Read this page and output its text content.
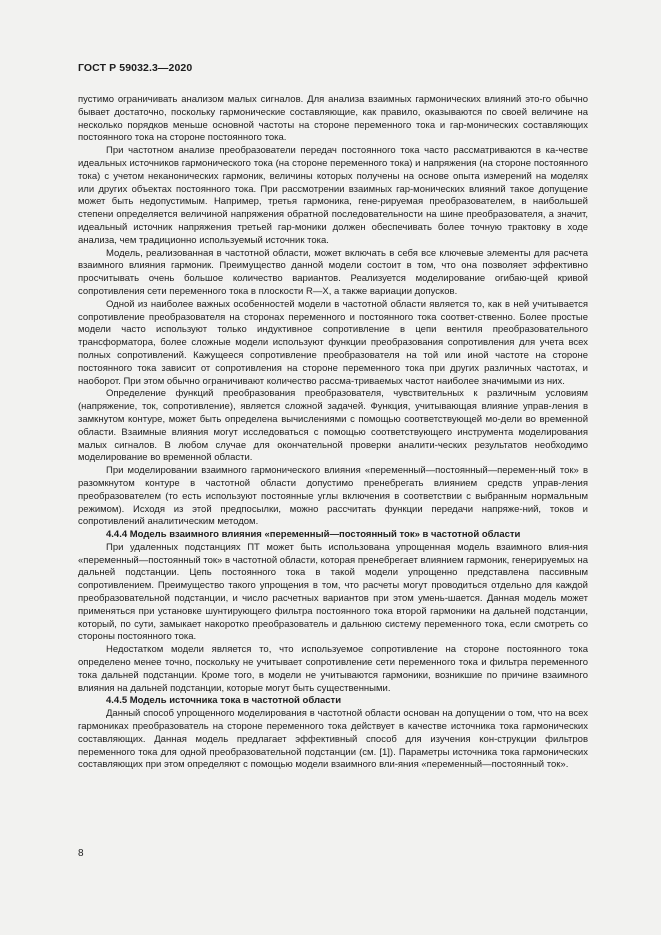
ГОСТ Р 59032.3—2020

пустимо ограничивать анализом малых сигналов. Для анализа взаимных гармонических влияний это-го обычно бывает достаточно, поскольку гармонические составляющие, как правило, оказываются по своей величине на несколько порядков меньше основной частоты на стороне переменного тока и гар-монических составляющих постоянного тока на стороне постоянного тока.

При частотном анализе преобразователи передач постоянного тока часто рассматриваются в ка-честве идеальных источников гармонического тока (на стороне переменного тока) и напряжения (на стороне постоянного тока) с учетом неканонических гармоник, величины которых получены на основе опыта измерений на моделях или других объектах постоянного тока. При рассмотрении взаимных гар-монических влияний такое допущение может быть недопустимым. Например, третья гармоника, гене-рируемая преобразователем, в наибольшей степени определяется величиной напряжения обратной последовательности на шине преобразователя, а значит, идеальный источник напряжения третьей гар-моники должен обеспечивать более точную трактовку в ходе анализа, чем традиционно используемый источник тока.

Модель, реализованная в частотной области, может включать в себя все ключевые элементы для расчета взаимного влияния гармоник. Преимущество данной модели состоит в том, что она позволяет эффективно просчитывать очень большое количество вариантов. Реализуется моделирование огибаю-щей кривой сопротивления сети переменного тока в плоскости R—X, а также вариации допусков.

Одной из наиболее важных особенностей модели в частотной области является то, как в ней учитывается сопротивление преобразователя на сторонах переменного и постоянного тока соответ-ственно. Более простые модели часто используют только индуктивное сопротивление в цепи вентиля преобразовательного трансформатора, более сложные модели используют функции преобразования сопротивления для учета всех полных сопротивлений. Кажущееся сопротивление преобразователя на той или иной частоте на стороне постоянного тока зависит от сопротивления на стороне переменного тока при других различных частотах, и наоборот. При этом обычно ограничивают количество рассма-триваемых частот наиболее значимыми из них.

Определение функций преобразования преобразователя, чувствительных к различным условиям (напряжение, ток, сопротивление), является сложной задачей. Функция, учитывающая влияние управ-ления в замкнутом контуре, может быть определена вычислениями с помощью соответствующей мо-дели во временной области. Взаимные влияния могут исследоваться с помощью соответствующего инструмента моделирования малых сигналов. В любом случае для окончательной проверки аналити-ческих результатов необходимо моделирование во временной области.

При моделировании взаимного гармонического влияния «переменный—постоянный—перемен-ный ток» в разомкнутом контуре в частотной области допустимо пренебрегать влиянием средств управ-ления преобразователем (то есть используют постоянные углы включения в соответствии с выбранным нормальным режимом). Исходя из этой предпосылки, можно рассчитать функции передачи напряже-ний, токов и сопротивлений аналитическим методом.

4.4.4 Модель взаимного влияния «переменный—постоянный ток» в частотной области

При удаленных подстанциях ПТ может быть использована упрощенная модель взаимного влия-ния «переменный—постоянный ток» в частотной области, которая пренебрегает влиянием гармоник, генерируемых на дальней подстанции. Цепь постоянного тока в такой модели упрощенно представлена пассивным сопротивлением. Преимущество такого упрощения в том, что расчеты могут проводиться отдельно для каждой преобразовательной подстанции, и число расчетных вариантов при этом умень-шается. Данная модель может применяться при установке шунтирующего фильтра постоянного тока второй гармоники на дальней подстанции, который, по сути, замыкает накоротко преобразователь и дальнюю систему переменного тока, если смотреть со стороны постоянного тока.

Недостатком модели является то, что используемое сопротивление на стороне постоянного тока определено менее точно, поскольку не учитывает сопротивление сети переменного тока и фильтра переменного тока дальней подстанции. Кроме того, в модели не учитываются гармоники, возникшие по причине взаимного влияния на дальней подстанции, которые могут быть существенными.

4.4.5 Модель источника тока в частотной области

Данный способ упрощенного моделирования в частотной области основан на допущении о том, что на всех гармониках преобразователь на стороне переменного тока действует в качестве источника тока гармонических составляющих. Данная модель предлагает эффективный способ для изучения кон-струкции фильтров переменного тока для одной преобразовательной подстанции (см. [1]). Параметры источника тока гармонических составляющих при этом определяют с помощью модели взаимного вли-яния «переменный—постоянный ток».

8
